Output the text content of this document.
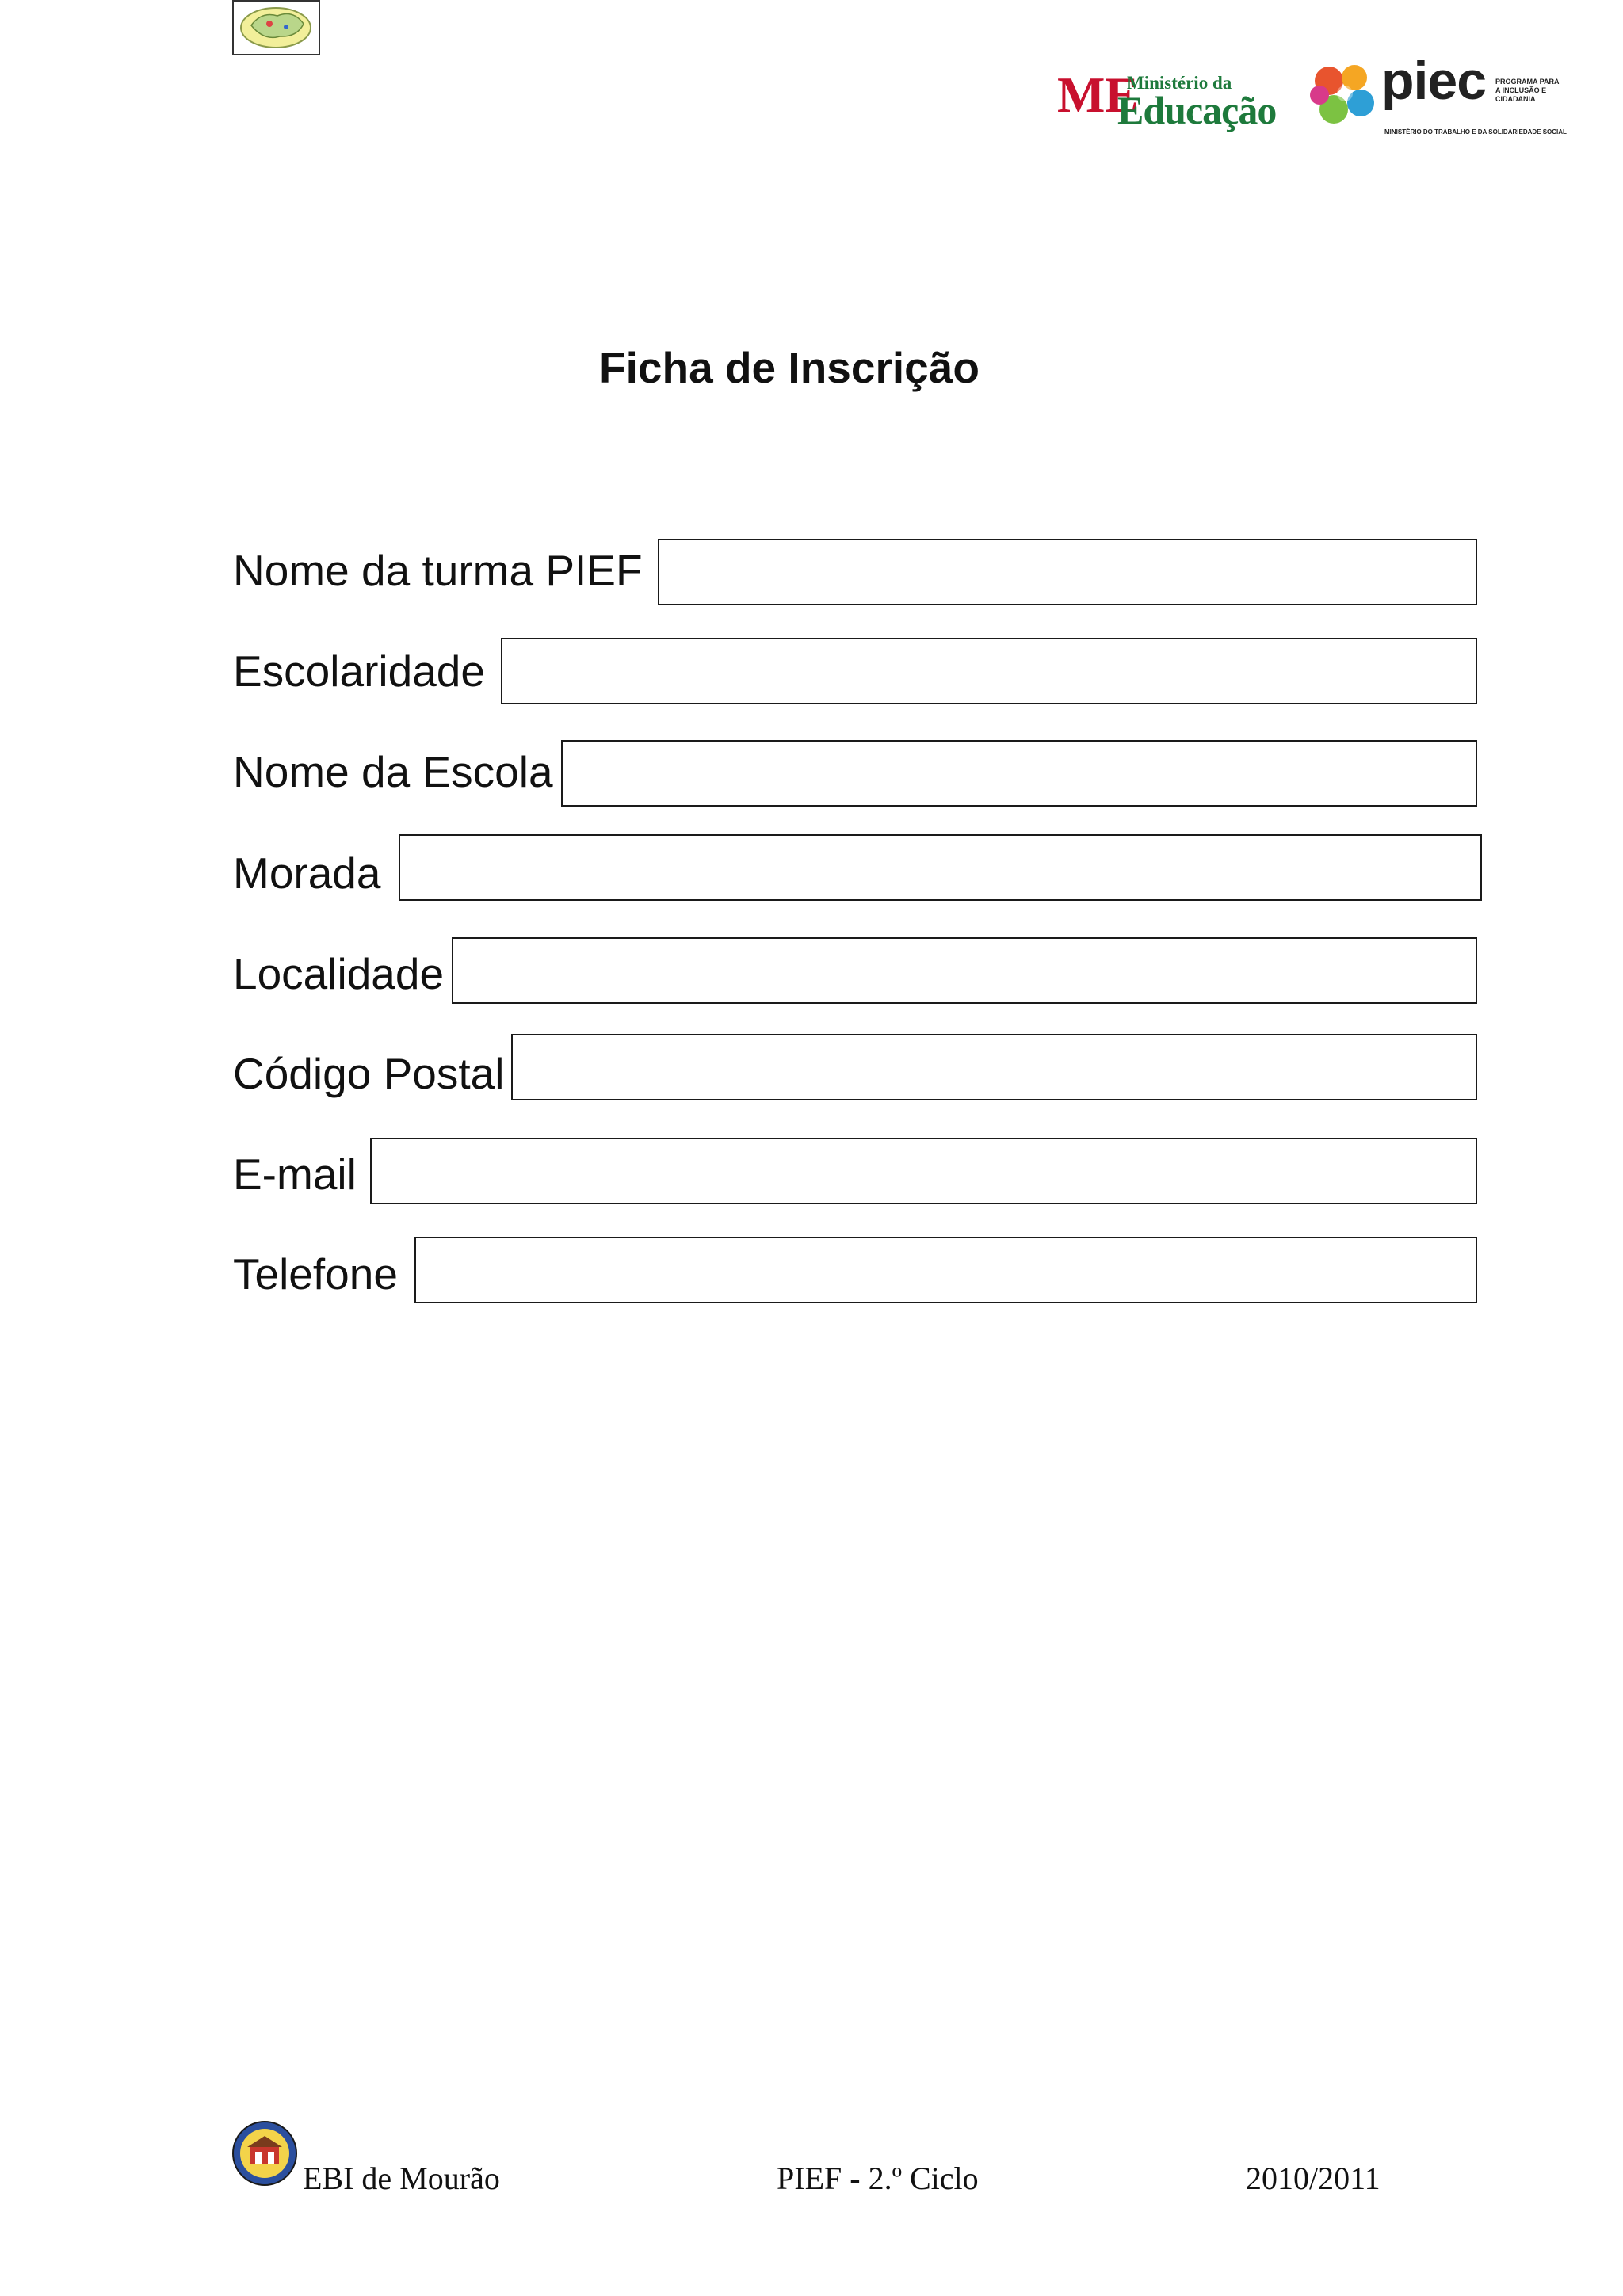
ME
Ministério da
Educação piec PROGRAMA PARA A INCLUSÃO E CIDADANIA
MINISTÉRIO DO TRABALHO E DA SOLIDARIEDADE SOCIAL
Ficha de Inscrição
Nome da turma PIEF
Escolaridade
Nome da Escola
Morada
Localidade
Código Postal
E-mail
Telefone
EBI de Mourão	PIEF - 2.º Ciclo	2010/2011
